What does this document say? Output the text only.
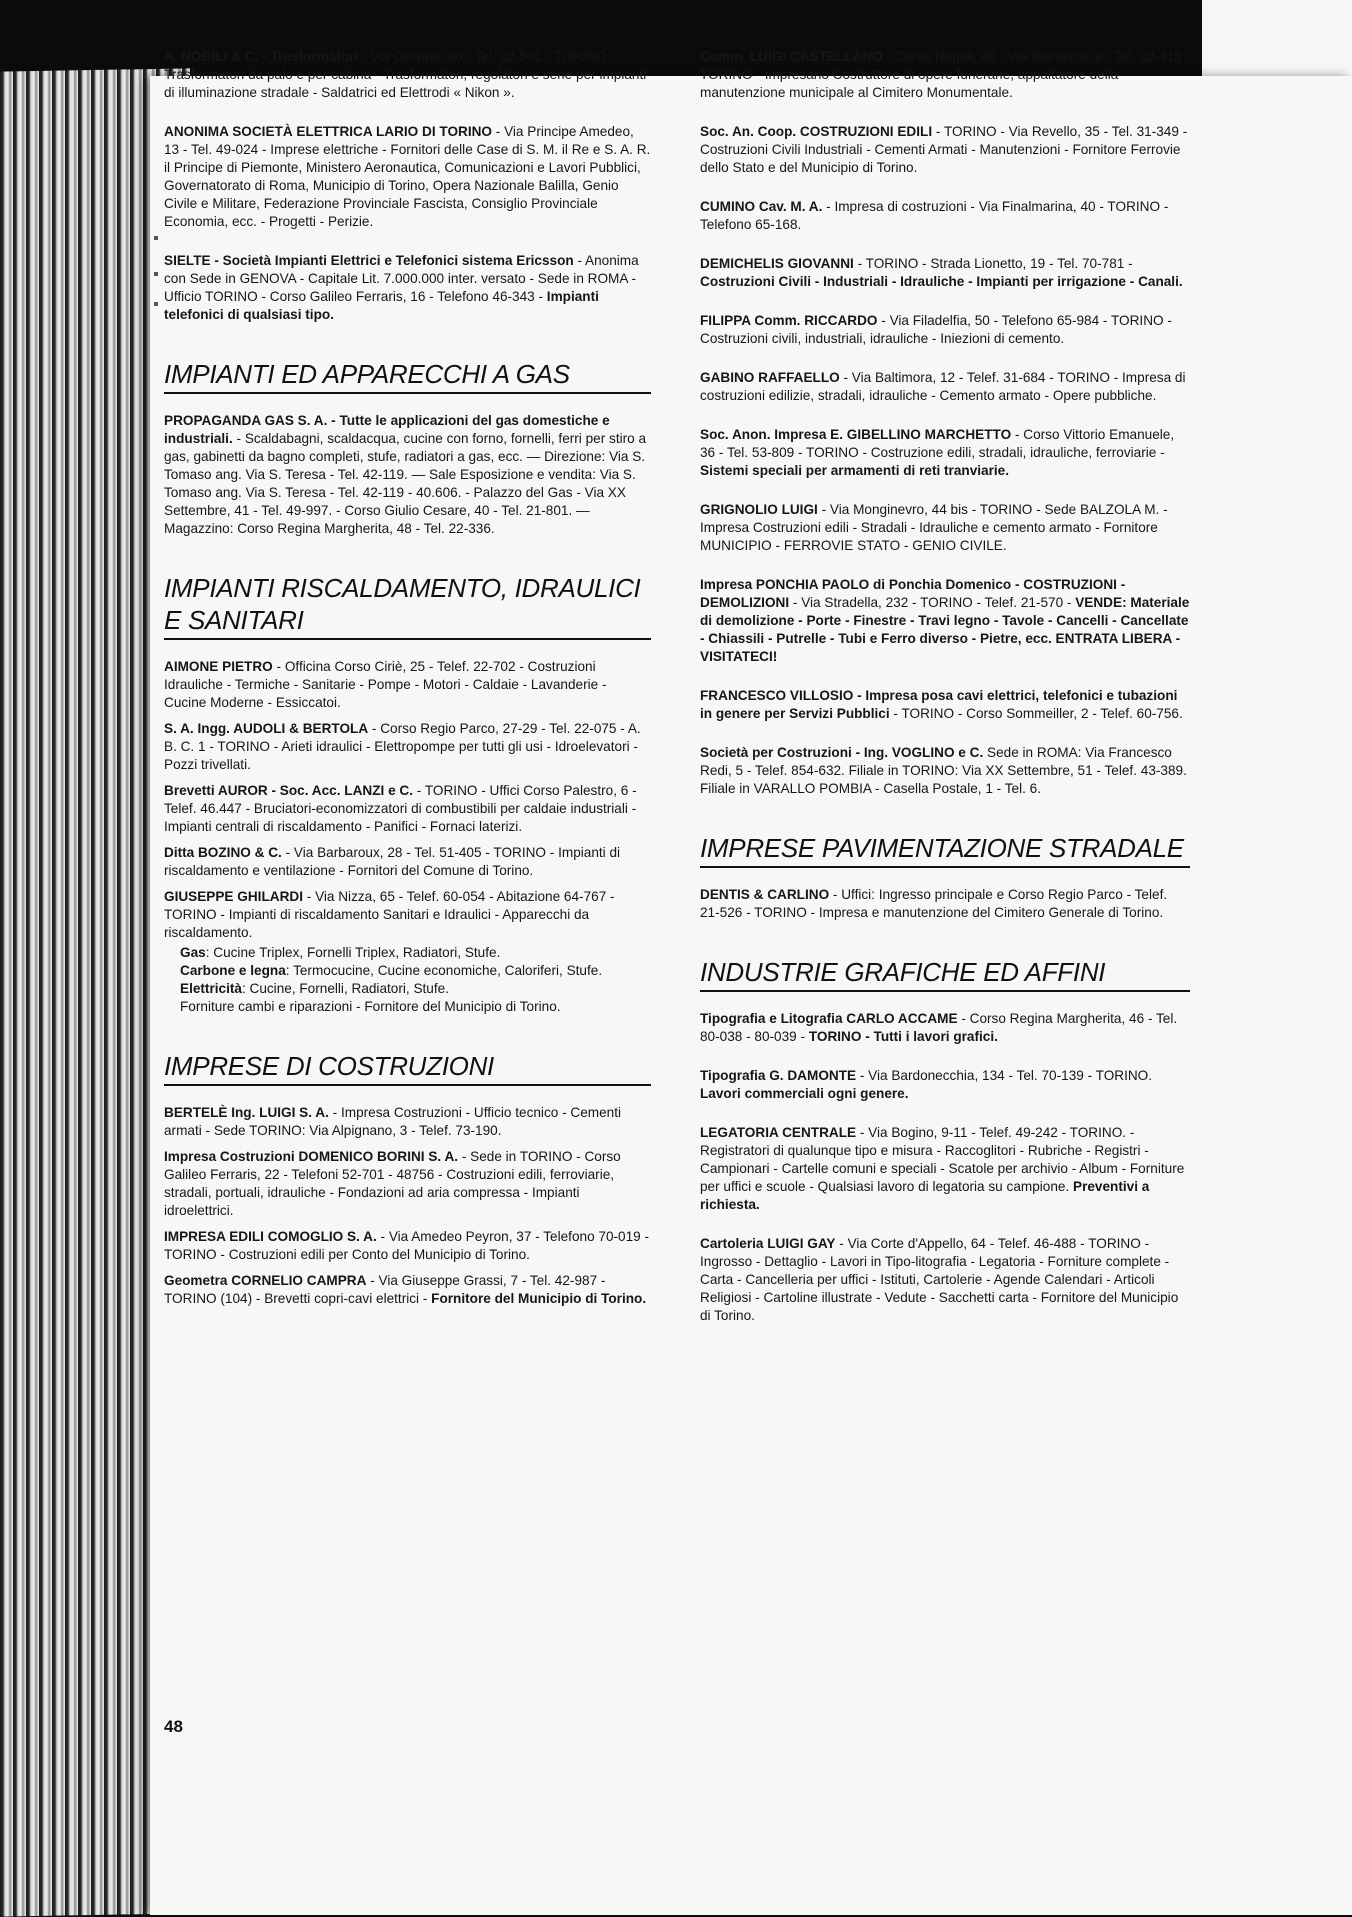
A. NOBILI & C. - Trasformatori - Via Cervino, 60 - Tel. 22-501 - TORINO - Trasformatori da palo e per cabina - Trasformatori, regolatori e serie per impianti di illuminazione stradale - Saldatrici ed Elettrodi « Nikon ».
ANONIMA SOCIETÀ ELETTRICA LARIO DI TORINO - Via Principe Amedeo, 13 - Tel. 49-024 - Imprese elettriche - Fornitori delle Case di S. M. il Re e S. A. R. il Principe di Piemonte, Ministero Aeronautica, Comunicazioni e Lavori Pubblici, Governatorato di Roma, Municipio di Torino, Opera Nazionale Balilla, Genio Civile e Militare, Federazione Provinciale Fascista, Consiglio Provinciale Economia, ecc. - Progetti - Perizie.
SIELTE - Società Impianti Elettrici e Telefonici sistema Ericsson - Anonima con Sede in GENOVA - Capitale Lit. 7.000.000 inter. versato - Sede in ROMA - Ufficio TORINO - Corso Galileo Ferraris, 16 - Telefono 46-343 - Impianti telefonici di qualsiasi tipo.
IMPIANTI ED APPARECCHI A GAS
PROPAGANDA GAS S. A. - Tutte le applicazioni del gas domestiche e industriali. - Scaldabagni, scaldacqua, cucine con forno, fornelli, ferri per stiro a gas, gabinetti da bagno completi, stufe, radiatori a gas, ecc. — Direzione: Via S. Tomaso ang. Via S. Teresa - Tel. 42-119. — Sale Esposizione e vendita: Via S. Tomaso ang. Via S. Teresa - Tel. 42-119 - 40.606. - Palazzo del Gas - Via XX Settembre, 41 - Tel. 49-997. - Corso Giulio Cesare, 40 - Tel. 21-801. — Magazzino: Corso Regina Margherita, 48 - Tel. 22-336.
IMPIANTI RISCALDAMENTO, IDRAULICI E SANITARI
AIMONE PIETRO - Officina Corso Ciriè, 25 - Telef. 22-702 - Costruzioni Idrauliche - Termiche - Sanitarie - Pompe - Motori - Caldaie - Lavanderie - Cucine Moderne - Essiccatoi.
S. A. Ingg. AUDOLI & BERTOLA - Corso Regio Parco, 27-29 - Tel. 22-075 - A. B. C. 1 - TORINO - Arieti idraulici - Elettropompe per tutti gli usi - Idroelevatori - Pozzi trivellati.
Brevetti AUROR - Soc. Acc. LANZI e C. - TORINO - Uffici Corso Palestro, 6 - Telef. 46.447 - Bruciatori-economizzatori di combustibili per caldaie industriali - Impianti centrali di riscaldamento - Panifici - Fornaci laterizi.
Ditta BOZINO & C. - Via Barbaroux, 28 - Tel. 51-405 - TORINO - Impianti di riscaldamento e ventilazione - Fornitori del Comune di Torino.
GIUSEPPE GHILARDI - Via Nizza, 65 - Telef. 60-054 - Abitazione 64-767 - TORINO - Impianti di riscaldamento Sanitari e Idraulici - Apparecchi da riscaldamento.
Gas: Cucine Triplex, Fornelli Triplex, Radiatori, Stufe.
Carbone e legna: Termocucine, Cucine economiche, Caloriferi, Stufe.
Elettricità: Cucine, Fornelli, Radiatori, Stufe.
Forniture cambi e riparazioni - Fornitore del Municipio di Torino.
IMPRESE DI COSTRUZIONI
BERTELÈ Ing. LUIGI S. A. - Impresa Costruzioni - Ufficio tecnico - Cementi armati - Sede TORINO: Via Alpignano, 3 - Telef. 73-190.
Impresa Costruzioni DOMENICO BORINI S. A. - Sede in TORINO - Corso Galileo Ferraris, 22 - Telefoni 52-701 - 48756 - Costruzioni edili, ferroviarie, stradali, portuali, idrauliche - Fondazioni ad aria compressa - Impianti idroelettrici.
IMPRESA EDILI COMOGLIO S. A. - Via Amedeo Peyron, 37 - Telefono 70-019 - TORINO - Costruzioni edili per Conto del Municipio di Torino.
Geometra CORNELIO CAMPRA - Via Giuseppe Grassi, 7 - Tel. 42-987 - TORINO (104) - Brevetti copri-cavi elettrici - Fornitore del Municipio di Torino.
Comm. LUIGI CASTELLANO - Corso Napoli, 40 - Via Beinasco, 9 - Tel. 22-413 - TORINO - Impresario Costruttore di opere funerarie, appaltatore della manutenzione municipale al Cimitero Monumentale.
Soc. An. Coop. COSTRUZIONI EDILI - TORINO - Via Revello, 35 - Tel. 31-349 - Costruzioni Civili Industriali - Cementi Armati - Manutenzioni - Fornitore Ferrovie dello Stato e del Municipio di Torino.
CUMINO Cav. M. A. - Impresa di costruzioni - Via Finalmarina, 40 - TORINO - Telefono 65-168.
DEMICHELIS GIOVANNI - TORINO - Strada Lionetto, 19 - Tel. 70-781 - Costruzioni Civili - Industriali - Idrauliche - Impianti per irrigazione - Canali.
FILIPPA Comm. RICCARDO - Via Filadelfia, 50 - Telefono 65-984 - TORINO - Costruzioni civili, industriali, idrauliche - Iniezioni di cemento.
GABINO RAFFAELLO - Via Baltimora, 12 - Telef. 31-684 - TORINO - Impresa di costruzioni edilizie, stradali, idrauliche - Cemento armato - Opere pubbliche.
Soc. Anon. Impresa E. GIBELLINO MARCHETTO - Corso Vittorio Emanuele, 36 - Tel. 53-809 - TORINO - Costruzione edili, stradali, idrauliche, ferroviarie - Sistemi speciali per armamenti di reti tranviarie.
GRIGNOLIO LUIGI - Via Monginevro, 44 bis - TORINO - Sede BALZOLA M. - Impresa Costruzioni edili - Stradali - Idrauliche e cemento armato - Fornitore MUNICIPIO - FERROVIE STATO - GENIO CIVILE.
Impresa PONCHIA PAOLO di Ponchia Domenico - COSTRUZIONI - DEMOLIZIONI - Via Stradella, 232 - TORINO - Telef. 21-570 - VENDE: Materiale di demolizione - Porte - Finestre - Travi legno - Tavole - Cancelli - Cancellate - Chiassili - Putrelle - Tubi e Ferro diverso - Pietre, ecc. ENTRATA LIBERA - VISITATECI!
FRANCESCO VILLOSIO - Impresa posa cavi elettrici, telefonici e tubazioni in genere per Servizi Pubblici - TORINO - Corso Sommeiller, 2 - Telef. 60-756.
Società per Costruzioni - Ing. VOGLINO e C. Sede in ROMA: Via Francesco Redi, 5 - Telef. 854-632. Filiale in TORINO: Via XX Settembre, 51 - Telef. 43-389. Filiale in VARALLO POMBIA - Casella Postale, 1 - Tel. 6.
IMPRESE PAVIMENTAZIONE STRADALE
DENTIS & CARLINO - Uffici: Ingresso principale e Corso Regio Parco - Telef. 21-526 - TORINO - Impresa e manutenzione del Cimitero Generale di Torino.
INDUSTRIE GRAFICHE ED AFFINI
Tipografia e Litografia CARLO ACCAME - Corso Regina Margherita, 46 - Tel. 80-038 - 80-039 - TORINO - Tutti i lavori grafici.
Tipografia G. DAMONTE - Via Bardonecchia, 134 - Tel. 70-139 - TORINO. Lavori commerciali ogni genere.
LEGATORIA CENTRALE - Via Bogino, 9-11 - Telef. 49-242 - TORINO. - Registratori di qualunque tipo e misura - Raccoglitori - Rubriche - Registri - Campionari - Cartelle comuni e speciali - Scatole per archivio - Album - Forniture per uffici e scuole - Qualsiasi lavoro di legatoria su campione. Preventivi a richiesta.
Cartoleria LUIGI GAY - Via Corte d'Appello, 64 - Telef. 46-488 - TORINO - Ingrosso - Dettaglio - Lavori in Tipo-litografia - Legatoria - Forniture complete - Carta - Cancelleria per uffici - Istituti, Cartolerie - Agende Calendari - Articoli Religiosi - Cartoline illustrate - Vedute - Sacchetti carta - Fornitore del Municipio di Torino.
48
